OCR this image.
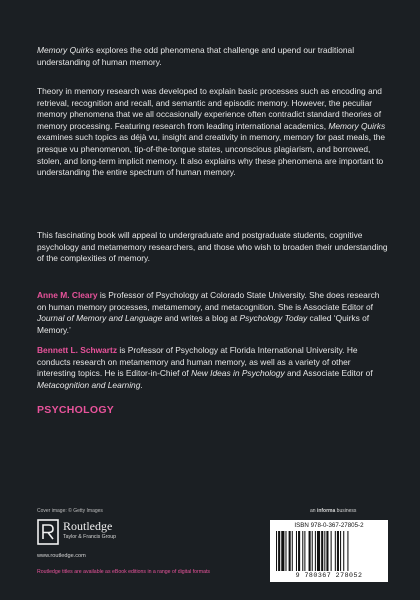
Memory Quirks explores the odd phenomena that challenge and upend our traditional understanding of human memory.

Theory in memory research was developed to explain basic processes such as encoding and retrieval, recognition and recall, and semantic and episodic memory. However, the peculiar memory phenomena that we all occasionally experience often contradict standard theories of memory processing. Featuring research from leading international academics, Memory Quirks examines such topics as déjà vu, insight and creativity in memory, memory for past meals, the presque vu phenomenon, tip-of-the-tongue states, unconscious plagiarism, and borrowed, stolen, and long-term implicit memory. It also explains why these phenomena are important to understanding the entire spectrum of human memory.

This fascinating book will appeal to undergraduate and postgraduate students, cognitive psychology and metamemory researchers, and those who wish to broaden their understanding of the complexities of memory.

Anne M. Cleary is Professor of Psychology at Colorado State University. She does research on human memory processes, metamemory, and metacognition. She is Associate Editor of Journal of Memory and Language and writes a blog at Psychology Today called ‘Quirks of Memory.’

Bennett L. Schwartz is Professor of Psychology at Florida International University. He conducts research on metamemory and human memory, as well as a variety of other interesting topics. He is Editor-in-Chief of New Ideas in Psychology and Associate Editor of Metacognition and Learning.

PSYCHOLOGY
Cover image: © Getty Images
Routledge
Taylor & Francis Group
www.routledge.com
Routledge titles are available as eBook editions in a range of digital formats
an informa business
ISBN 978-0-367-27805-2
9 780367 278052
